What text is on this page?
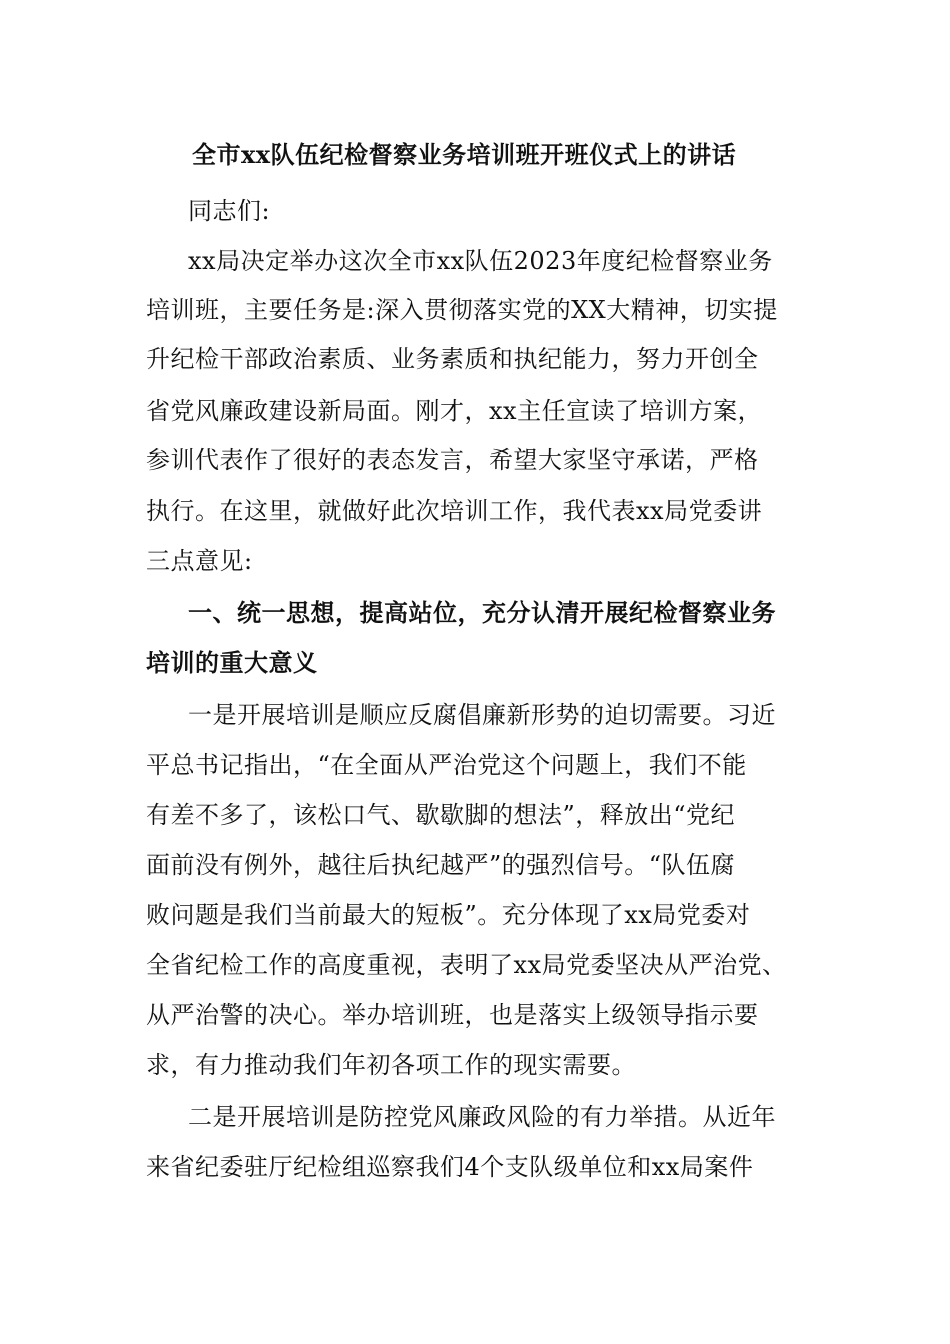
全市xx队伍纪检督察业务培训班开班仪式上的讲话
同志们:
xx局决定举办这次全市xx队伍2023年度纪检督察业务
培训班，主要任务是:深入贯彻落实党的XX大精神，切实提
升纪检干部政治素质、业务素质和执纪能力，努力开创全
省党风廉政建设新局面。刚才，xx主任宣读了培训方案，
参训代表作了很好的表态发言，希望大家坚守承诺，严格
执行。在这里，就做好此次培训工作，我代表xx局党委讲
三点意见:
一、统一思想，提高站位，充分认清开展纪检督察业务
培训的重大意义
一是开展培训是顺应反腐倡廉新形势的迫切需要。习近
平总书记指出，“在全面从严治党这个问题上，我们不能
有差不多了，该松口气、歇歇脚的想法”，释放出“党纪
面前没有例外，越往后执纪越严”的强烈信号。“队伍腐
败问题是我们当前最大的短板”。充分体现了xx局党委对
全省纪检工作的高度重视，表明了xx局党委坚决从严治党、
从严治警的决心。举办培训班，也是落实上级领导指示要
求，有力推动我们年初各项工作的现实需要。
二是开展培训是防控党风廉政风险的有力举措。从近年
来省纪委驻厅纪检组巡察我们4个支队级单位和xx局案件
